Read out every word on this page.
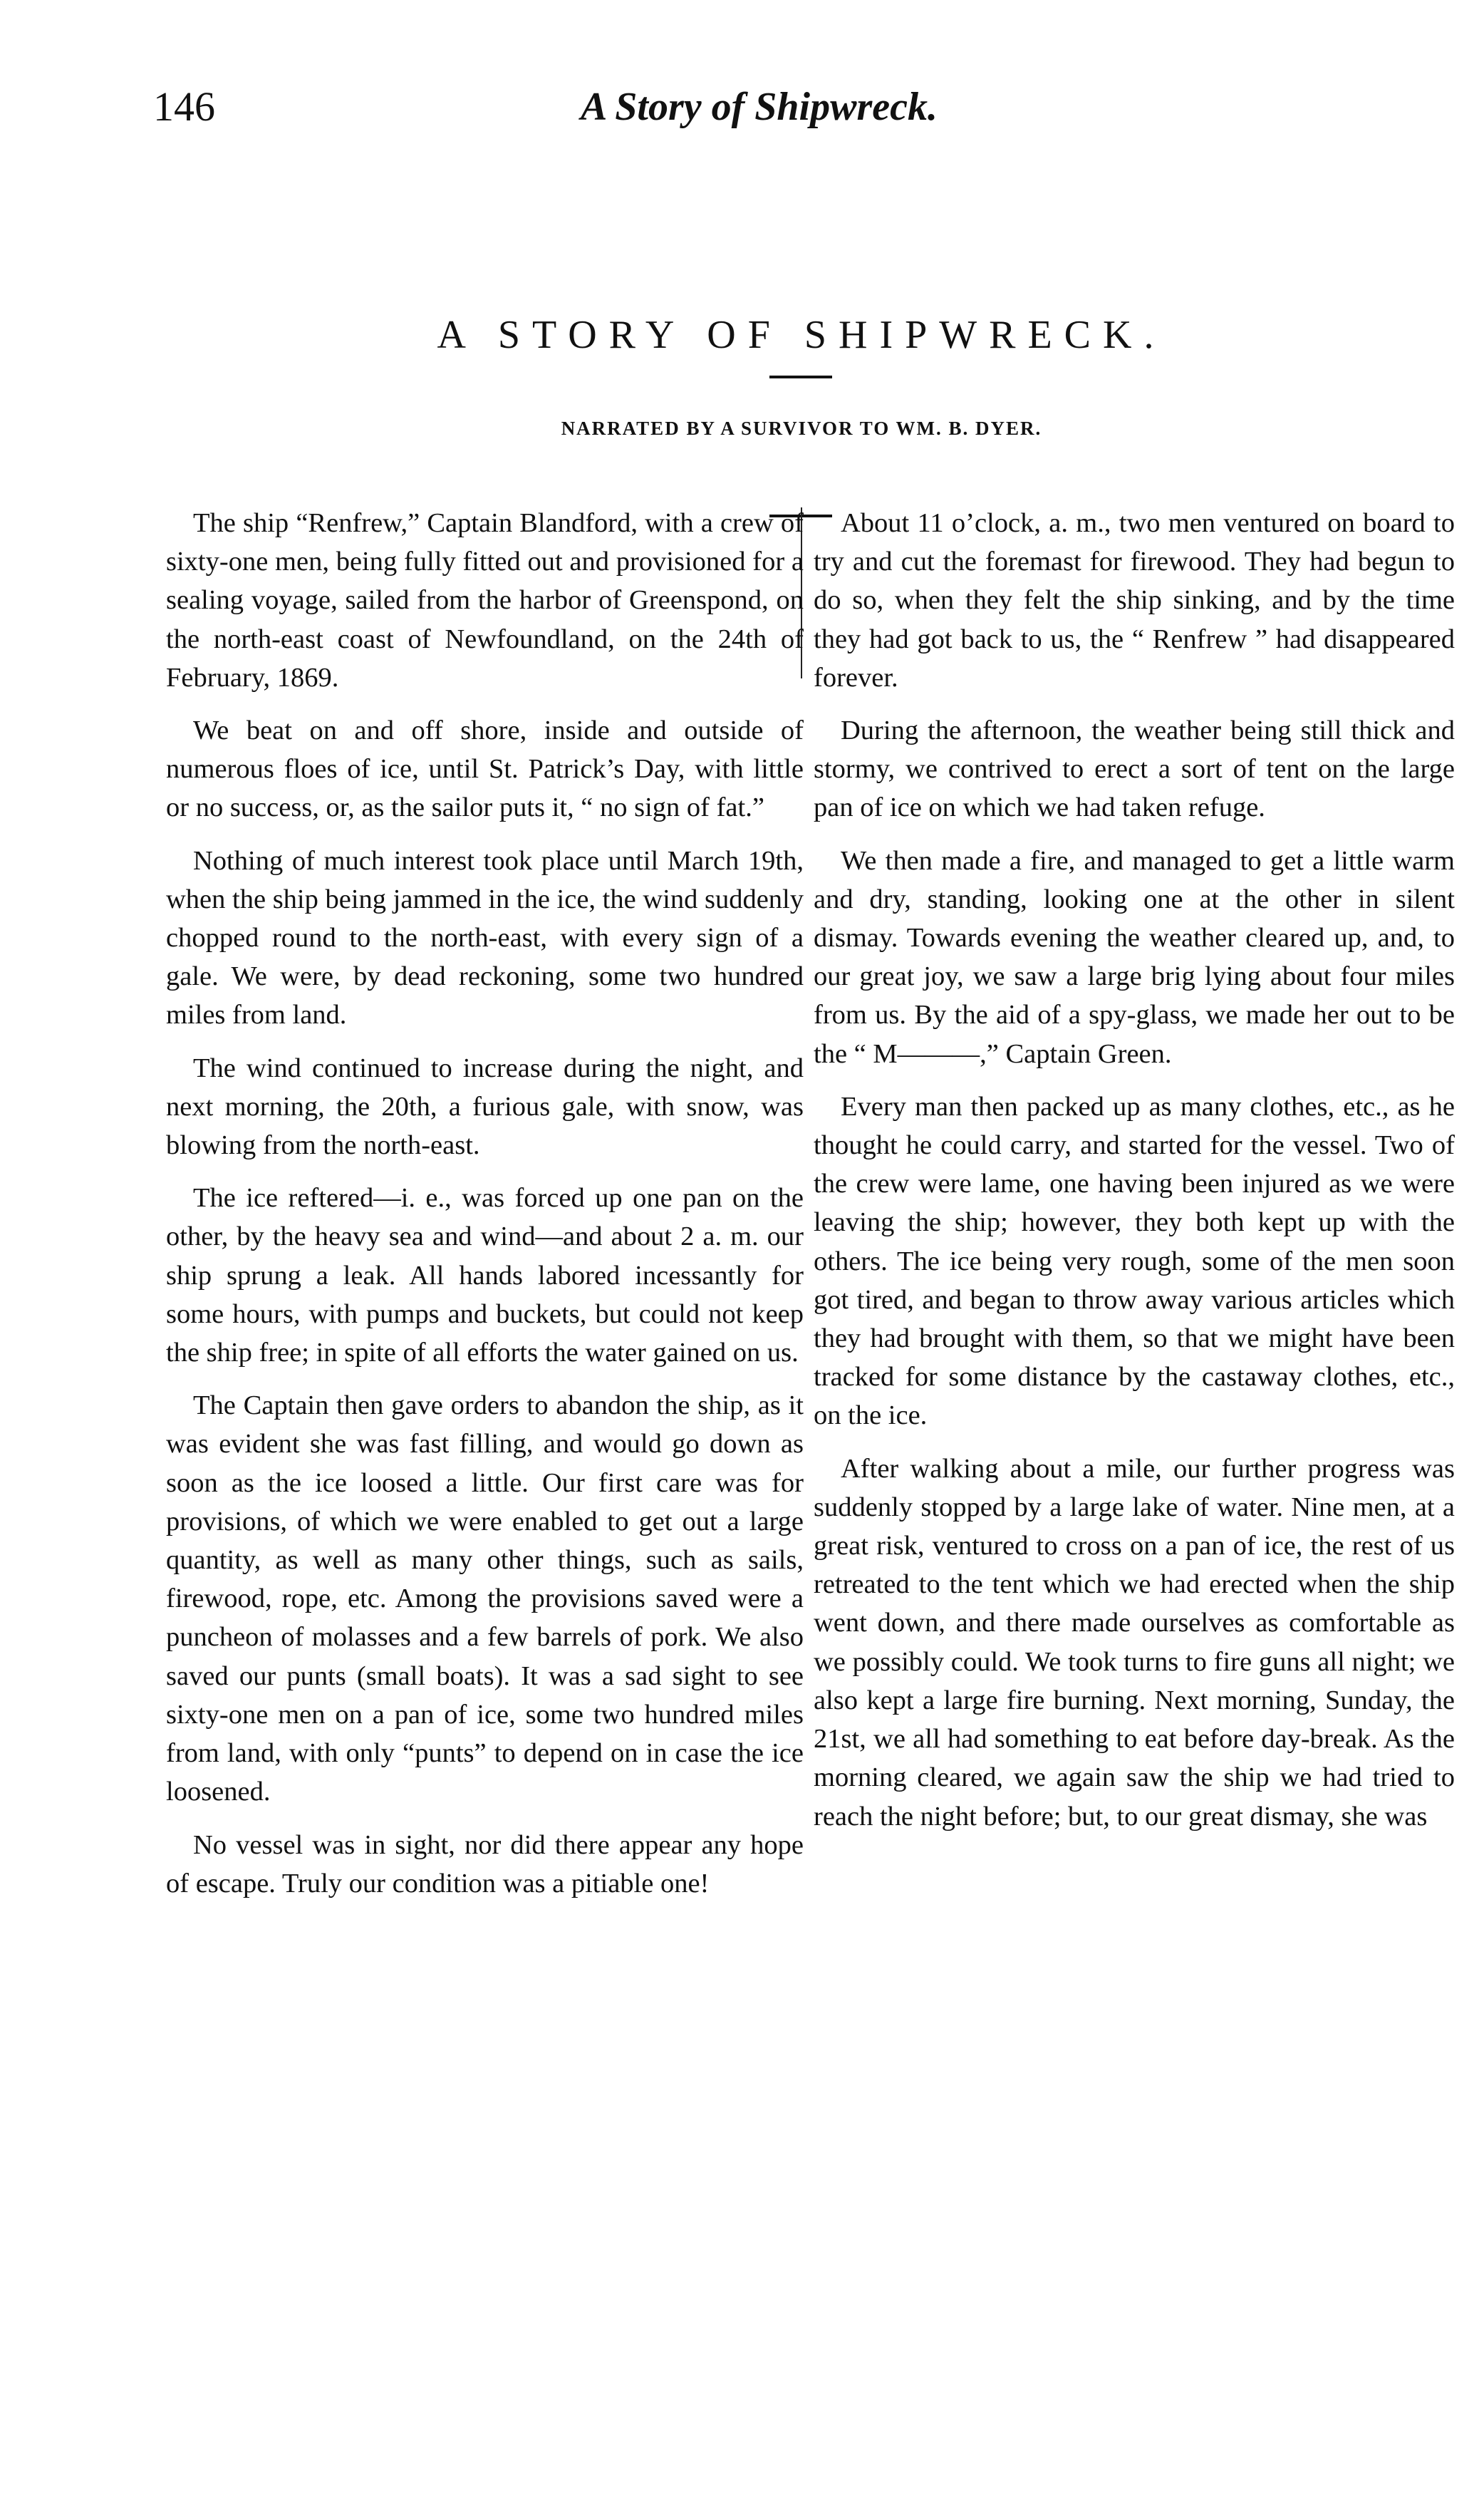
146	A Story of Shipwreck.
A STORY OF SHIPWRECK.
NARRATED BY A SURVIVOR TO WM. B. DYER.

The ship “Renfrew,” Captain Blandford, with a crew of sixty-one men, being fully fitted out and provisioned for a sealing voyage, sailed from the harbor of Greenspond, on the north-east coast of Newfoundland, on the 24th of February, 1869.

We beat on and off shore, inside and outside of numerous floes of ice, until St. Patrick’s Day, with little or no success, or, as the sailor puts it, “ no sign of fat.”

Nothing of much interest took place until March 19th, when the ship being jammed in the ice, the wind suddenly chopped round to the north-east, with every sign of a gale. We were, by dead reckoning, some two hundred miles from land.

The wind continued to increase during the night, and next morning, the 20th, a furious gale, with snow, was blowing from the north-east.

The ice reftered—i. e., was forced up one pan on the other, by the heavy sea and wind—and about 2 a. m. our ship sprung a leak. All hands labored incessantly for some hours, with pumps and buckets, but could not keep the ship free; in spite of all efforts the water gained on us.

The Captain then gave orders to abandon the ship, as it was evident she was fast filling, and would go down as soon as the ice loosed a little. Our first care was for provisions, of which we were enabled to get out a large quantity, as well as many other things, such as sails, firewood, rope, etc. Among the provisions saved were a puncheon of molasses and a few barrels of pork. We also saved our punts (small boats). It was a sad sight to see sixty-one men on a pan of ice, some two hundred miles from land, with only “punts” to depend on in case the ice loosened.

No vessel was in sight, nor did there appear any hope of escape. Truly our condition was a pitiable one!

About 11 o’clock, a. m., two men ventured on board to try and cut the foremast for firewood. They had begun to do so, when they felt the ship sinking, and by the time they had got back to us, the “ Renfrew ” had disappeared forever.

During the afternoon, the weather being still thick and stormy, we contrived to erect a sort of tent on the large pan of ice on which we had taken refuge.

We then made a fire, and managed to get a little warm and dry, standing, looking one at the other in silent dismay. Towards evening the weather cleared up, and, to our great joy, we saw a large brig lying about four miles from us. By the aid of a spy-glass, we made her out to be the “ M———,” Captain Green.

Every man then packed up as many clothes, etc., as he thought he could carry, and started for the vessel. Two of the crew were lame, one having been injured as we were leaving the ship; however, they both kept up with the others. The ice being very rough, some of the men soon got tired, and began to throw away various articles which they had brought with them, so that we might have been tracked for some distance by the castaway clothes, etc., on the ice.

After walking about a mile, our further progress was suddenly stopped by a large lake of water. Nine men, at a great risk, ventured to cross on a pan of ice, the rest of us retreated to the tent which we had erected when the ship went down, and there made ourselves as comfortable as we possibly could. We took turns to fire guns all night; we also kept a large fire burning. Next morning, Sunday, the 21st, we all had something to eat before day-break. As the morning cleared, we again saw the ship we had tried to reach the night before; but, to our great dismay, she was
